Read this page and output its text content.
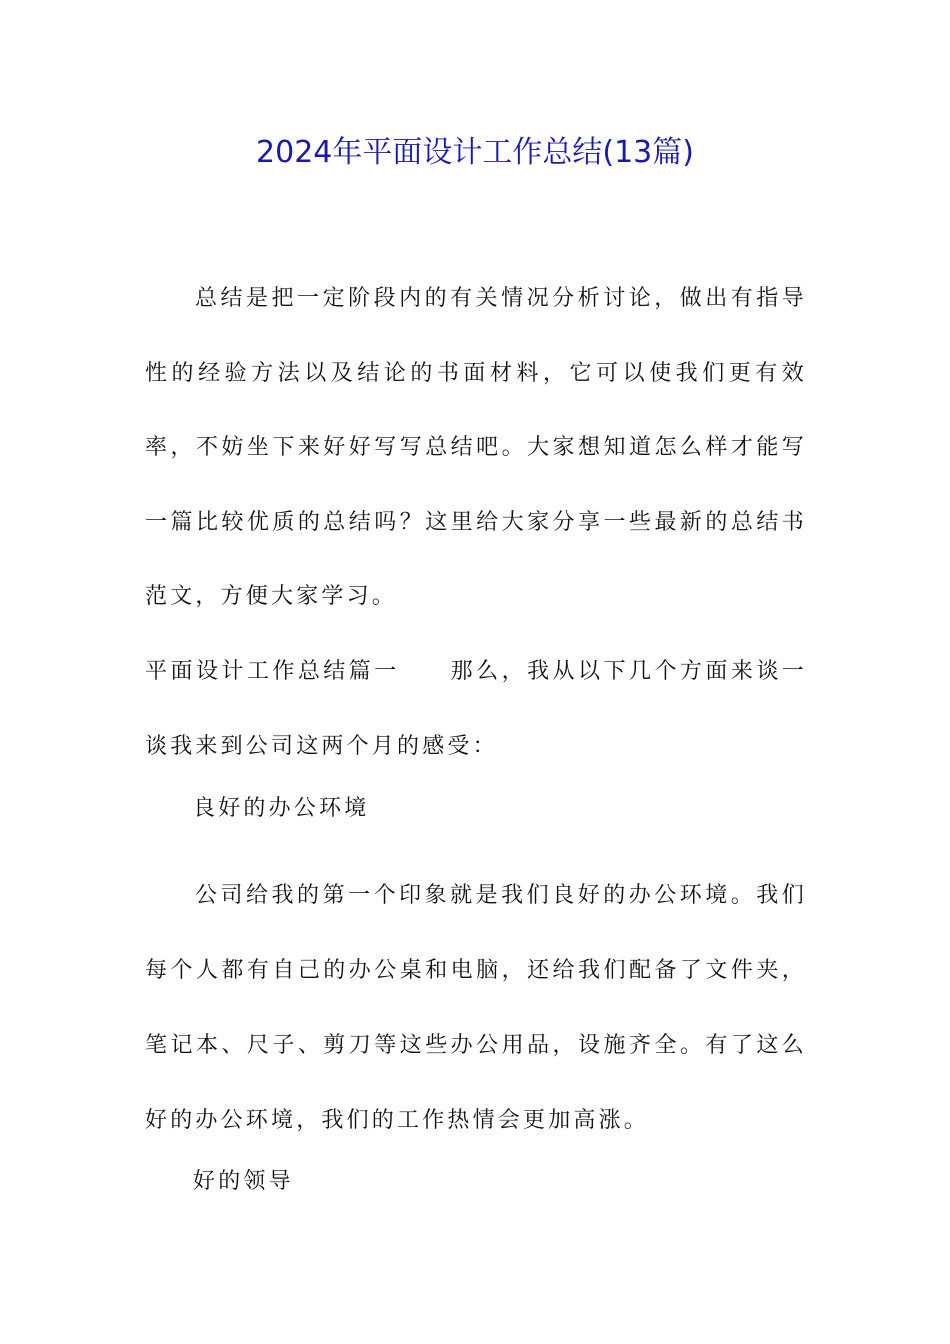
2024年平面设计工作总结(13篇)

总结是把一定阶段内的有关情况分析讨论，做出有指导性的经验方法以及结论的书面材料，它可以使我们更有效率，不妨坐下来好好写写总结吧。大家想知道怎么样才能写一篇比较优质的总结吗？这里给大家分享一些最新的总结书范文，方便大家学习。

平面设计工作总结篇一　　那么，我从以下几个方面来谈一谈我来到公司这两个月的感受：

良好的办公环境

公司给我的第一个印象就是我们良好的办公环境。我们每个人都有自己的办公桌和电脑，还给我们配备了文件夹，笔记本、尺子、剪刀等这些办公用品，设施齐全。有了这么好的办公环境，我们的工作热情会更加高涨。

好的领导
